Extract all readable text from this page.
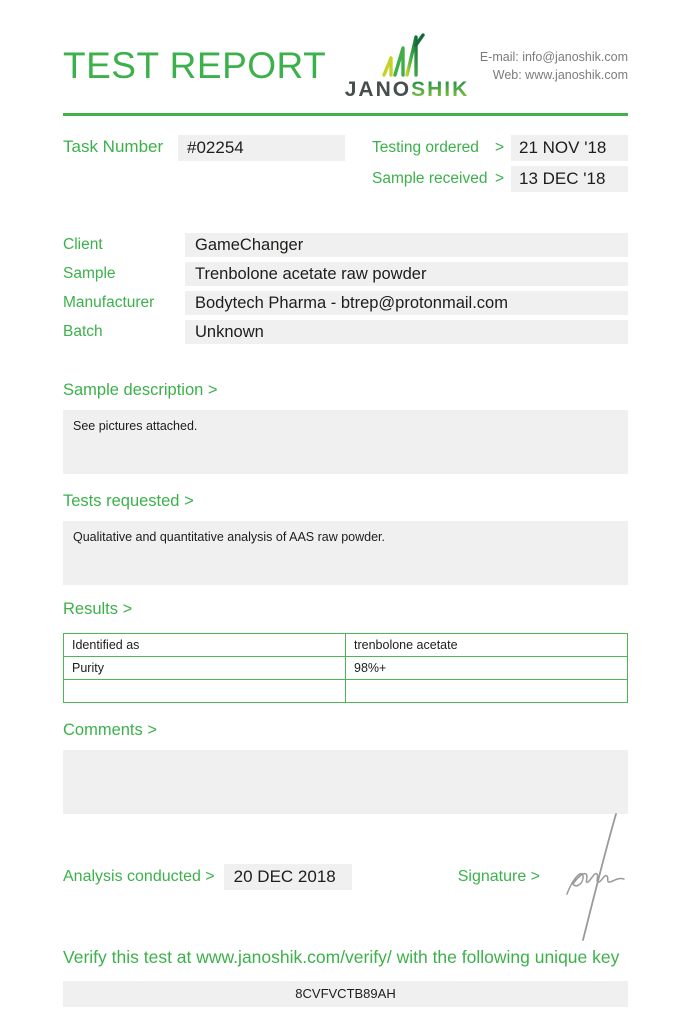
TEST REPORT
JANOSHIK
E-mail: info@janoshik.com
Web: www.janoshik.com
Task Number	#02254	Testing ordered > 21 NOV '18
Sample received > 13 DEC '18
Client	GameChanger
Sample	Trenbolone acetate raw powder
Manufacturer	Bodytech Pharma - btrep@protonmail.com
Batch	Unknown
Sample description >
See pictures attached.
Tests requested >
Qualitative and quantitative analysis of AAS raw powder.
Results >
Identified as	trenbolone acetate
Purity	98%+

Comments >
Analysis conducted >	20 DEC 2018	Signature >
Verify this test at www.janoshik.com/verify/ with the following unique key
8CVFVCTB89AH
